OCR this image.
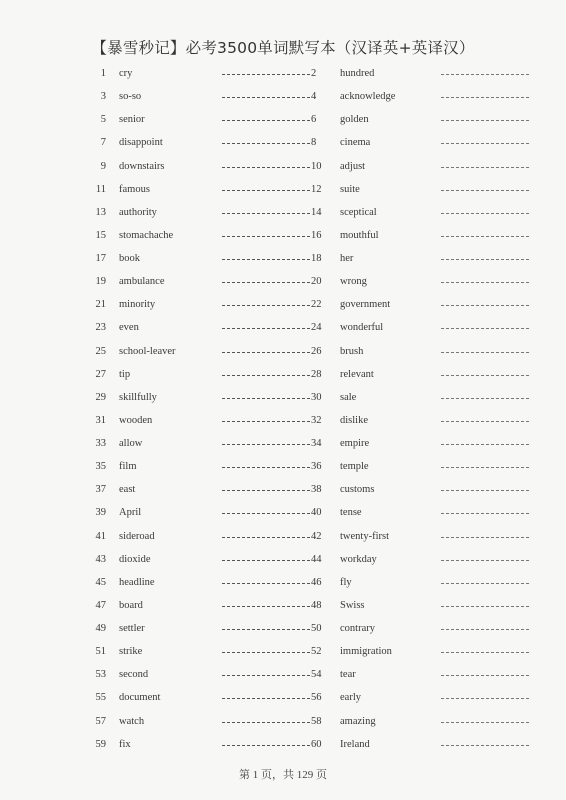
【暴雪秒记】必考3500单词默写本（汉译英+英译汉）
1 cry	2 hundred
3 so-so	4 acknowledge
5 senior	6 golden
7 disappoint	8 cinema
9 downstairs	10 adjust
11 famous	12 suite
13 authority	14 sceptical
15 stomachache	16 mouthful
17 book	18 her
19 ambulance	20 wrong
21 minority	22 government
23 even	24 wonderful
25 school-leaver	26 brush
27 tip	28 relevant
29 skillfully	30 sale
31 wooden	32 dislike
33 allow	34 empire
35 film	36 temple
37 east	38 customs
39 April	40 tense
41 sideroad	42 twenty-first
43 dioxide	44 workday
45 headline	46 fly
47 board	48 Swiss
49 settler	50 contrary
51 strike	52 immigration
53 second	54 tear
55 document	56 early
57 watch	58 amazing
59 fix	60 Ireland
第 1 页，共 129 页
